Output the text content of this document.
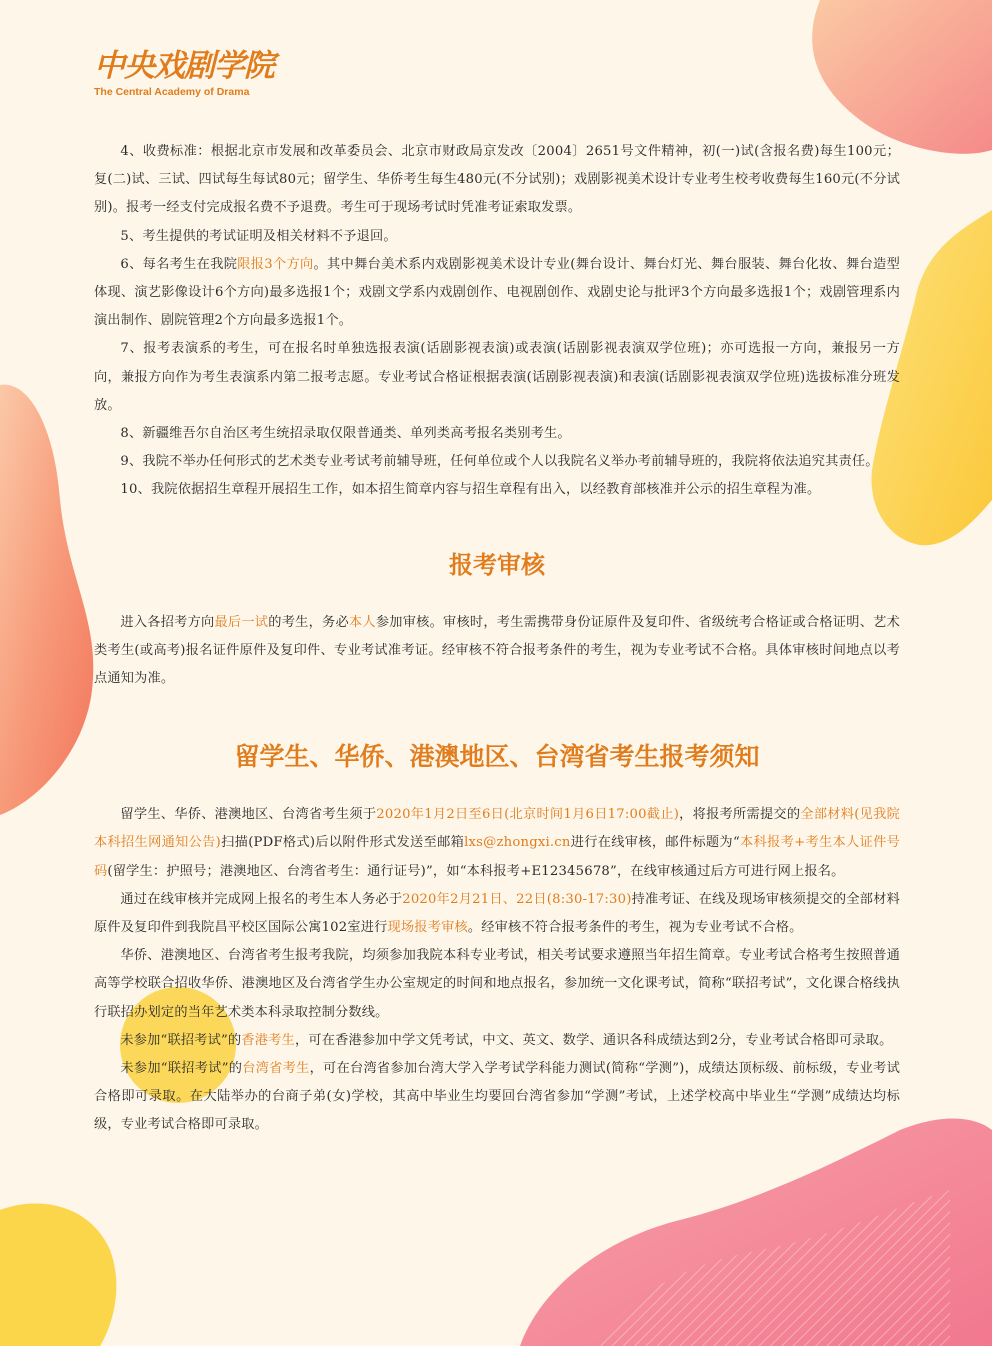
中央戏剧学院
The Central Academy of Drama

4、收费标准：根据北京市发展和改革委员会、北京市财政局京发改〔2004〕2651号文件精神，初(一)试(含报名费)每生100元；复(二)试、三试、四试每生每试80元；留学生、华侨考生每生480元(不分试别)；戏剧影视美术设计专业考生校考收费每生160元(不分试别)。报考一经支付完成报名费不予退费。考生可于现场考试时凭准考证索取发票。

5、考生提供的考试证明及相关材料不予退回。

6、每名考生在我院限报3个方向。其中舞台美术系内戏剧影视美术设计专业(舞台设计、舞台灯光、舞台服装、舞台化妆、舞台造型体现、演艺影像设计6个方向)最多选报1个；戏剧文学系内戏剧创作、电视剧创作、戏剧史论与批评3个方向最多选报1个；戏剧管理系内演出制作、剧院管理2个方向最多选报1个。

7、报考表演系的考生，可在报名时单独选报表演(话剧影视表演)或表演(话剧影视表演双学位班)；亦可选报一方向，兼报另一方向，兼报方向作为考生表演系内第二报考志愿。专业考试合格证根据表演(话剧影视表演)和表演(话剧影视表演双学位班)选拔标准分班发放。

8、新疆维吾尔自治区考生统招录取仅限普通类、单列类高考报名类别考生。

9、我院不举办任何形式的艺术类专业考试考前辅导班，任何单位或个人以我院名义举办考前辅导班的，我院将依法追究其责任。

10、我院依据招生章程开展招生工作，如本招生简章内容与招生章程有出入，以经教育部核准并公示的招生章程为准。

报考审核

进入各招考方向最后一试的考生，务必本人参加审核。审核时，考生需携带身份证原件及复印件、省级统考合格证或合格证明、艺术类考生(或高考)报名证件原件及复印件、专业考试准考证。经审核不符合报考条件的考生，视为专业考试不合格。具体审核时间地点以考点通知为准。

留学生、华侨、港澳地区、台湾省考生报考须知

留学生、华侨、港澳地区、台湾省考生须于2020年1月2日至6日(北京时间1月6日17:00截止)，将报考所需提交的全部材料(见我院本科招生网通知公告)扫描(PDF格式)后以附件形式发送至邮箱lxs@zhongxi.cn进行在线审核，邮件标题为“本科报考+考生本人证件号码(留学生：护照号；港澳地区、台湾省考生：通行证号)”，如“本科报考+E12345678”，在线审核通过后方可进行网上报名。

通过在线审核并完成网上报名的考生本人务必于2020年2月21日、22日(8:30-17:30)持准考证、在线及现场审核须提交的全部材料原件及复印件到我院昌平校区国际公寓102室进行现场报考审核。经审核不符合报考条件的考生，视为专业考试不合格。

华侨、港澳地区、台湾省考生报考我院，均须参加我院本科专业考试，相关考试要求遵照当年招生简章。专业考试合格考生按照普通高等学校联合招收华侨、港澳地区及台湾省学生办公室规定的时间和地点报名，参加统一文化课考试，简称“联招考试”，文化课合格线执行联招办划定的当年艺术类本科录取控制分数线。

未参加“联招考试”的香港考生，可在香港参加中学文凭考试，中文、英文、数学、通识各科成绩达到2分，专业考试合格即可录取。

未参加“联招考试”的台湾省考生，可在台湾省参加台湾大学入学考试学科能力测试(简称“学测”)，成绩达顶标级、前标级，专业考试合格即可录取。在大陆举办的台商子弟(女)学校，其高中毕业生均要回台湾省参加“学测”考试，上述学校高中毕业生“学测”成绩达均标级，专业考试合格即可录取。
